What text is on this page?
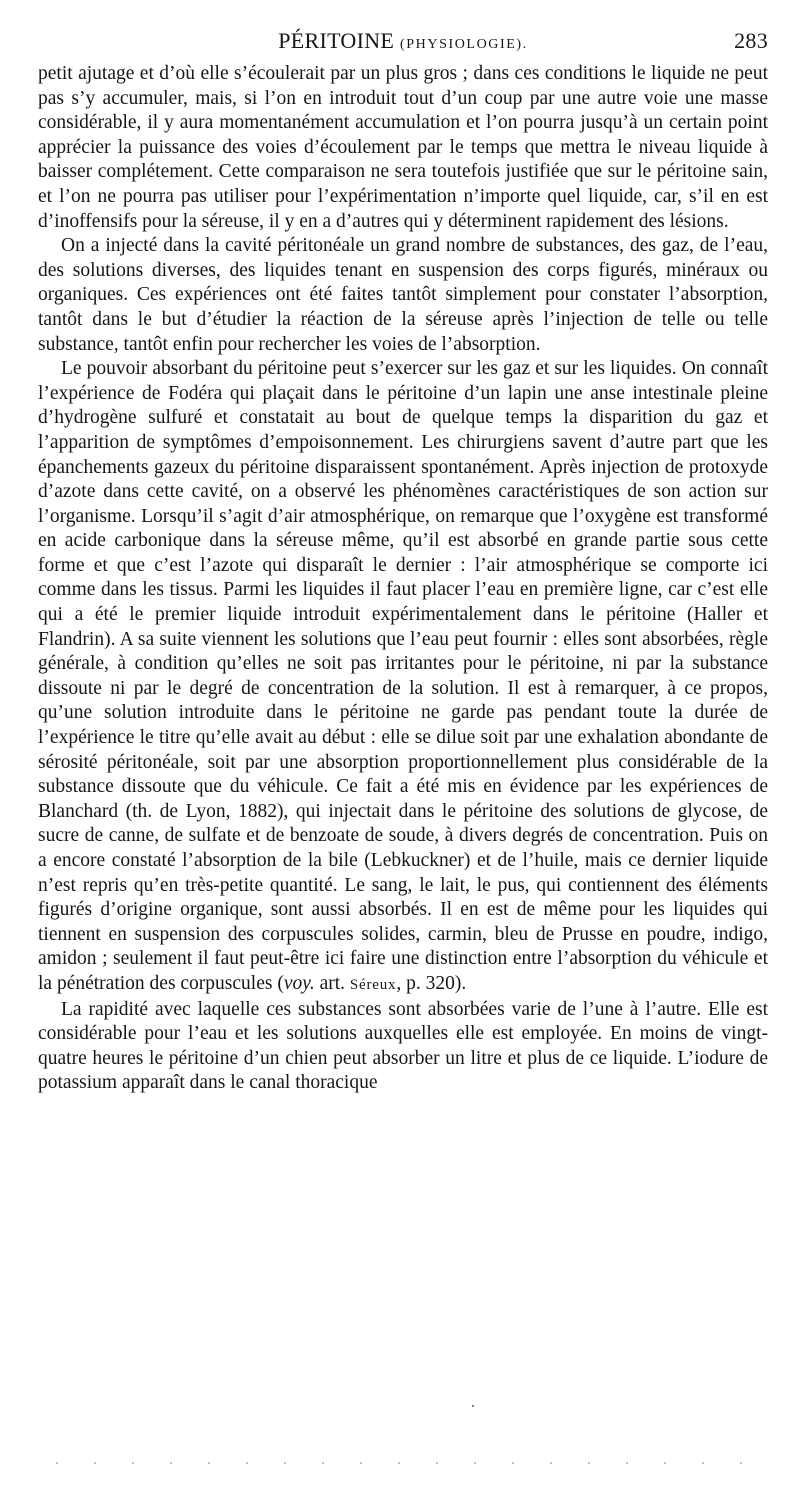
PÉRITOINE (PHYSIOLOGIE).	283

petit ajutage et d’où elle s’écoulerait par un plus gros ; dans ces conditions le liquide ne peut pas s’y accumuler, mais, si l’on en introduit tout d’un coup par une autre voie une masse considérable, il y aura momentanément accumulation et l’on pourra jusqu’à un certain point apprécier la puissance des voies d’écoulement par le temps que mettra le niveau liquide à baisser complétement. Cette comparaison ne sera toutefois justifiée que sur le péritoine sain, et l’on ne pourra pas utiliser pour l’expérimentation n’importe quel liquide, car, s’il en est d’inoffensifs pour la séreuse, il y en a d’autres qui y déterminent rapidement des lésions.

On a injecté dans la cavité péritonéale un grand nombre de substances, des gaz, de l’eau, des solutions diverses, des liquides tenant en suspension des corps figurés, minéraux ou organiques. Ces expériences ont été faites tantôt simplement pour constater l’absorption, tantôt dans le but d’étudier la réaction de la séreuse après l’injection de telle ou telle substance, tantôt enfin pour rechercher les voies de l’absorption.

Le pouvoir absorbant du péritoine peut s’exercer sur les gaz et sur les liquides. On connaît l’expérience de Fodéra qui plaçait dans le péritoine d’un lapin une anse intestinale pleine d’hydrogène sulfuré et constatait au bout de quelque temps la disparition du gaz et l’apparition de symptômes d’empoisonnement. Les chirurgiens savent d’autre part que les épanchements gazeux du péritoine disparaissent spontanément. Après injection de protoxyde d’azote dans cette cavité, on a observé les phénomènes caractéristiques de son action sur l’organisme. Lorsqu’il s’agit d’air atmosphérique, on remarque que l’oxygène est transformé en acide carbonique dans la séreuse même, qu’il est absorbé en grande partie sous cette forme et que c’est l’azote qui disparaît le dernier : l’air atmosphérique se comporte ici comme dans les tissus. Parmi les liquides il faut placer l’eau en première ligne, car c’est elle qui a été le premier liquide introduit expérimentalement dans le péritoine (Haller et Flandrin). A sa suite viennent les solutions que l’eau peut fournir : elles sont absorbées, règle générale, à condition qu’elles ne soit pas irritantes pour le péritoine, ni par la substance dissoute ni par le degré de concentration de la solution. Il est à remarquer, à ce propos, qu’une solution introduite dans le péritoine ne garde pas pendant toute la durée de l’expérience le titre qu’elle avait au début : elle se dilue soit par une exhalation abondante de sérosité péritonéale, soit par une absorption proportionnellement plus considérable de la substance dissoute que du véhicule. Ce fait a été mis en évidence par les expériences de Blanchard (th. de Lyon, 1882), qui injectait dans le péritoine des solutions de glycose, de sucre de canne, de sulfate et de benzoate de soude, à divers degrés de concentration. Puis on a encore constaté l’absorption de la bile (Lebkuckner) et de l’huile, mais ce dernier liquide n’est repris qu’en très-petite quantité. Le sang, le lait, le pus, qui contiennent des éléments figurés d’origine organique, sont aussi absorbés. Il en est de même pour les liquides qui tiennent en suspension des corpuscules solides, carmin, bleu de Prusse en poudre, indigo, amidon ; seulement il faut peut-être ici faire une distinction entre l’absorption du véhicule et la pénétration des corpuscules (voy. art. Séreux, p. 320).

La rapidité avec laquelle ces substances sont absorbées varie de l’une à l’autre. Elle est considérable pour l’eau et les solutions auxquelles elle est employée. En moins de vingt-quatre heures le péritoine d’un chien peut absorber un litre et plus de ce liquide. L’iodure de potassium apparaît dans le canal thoracique
